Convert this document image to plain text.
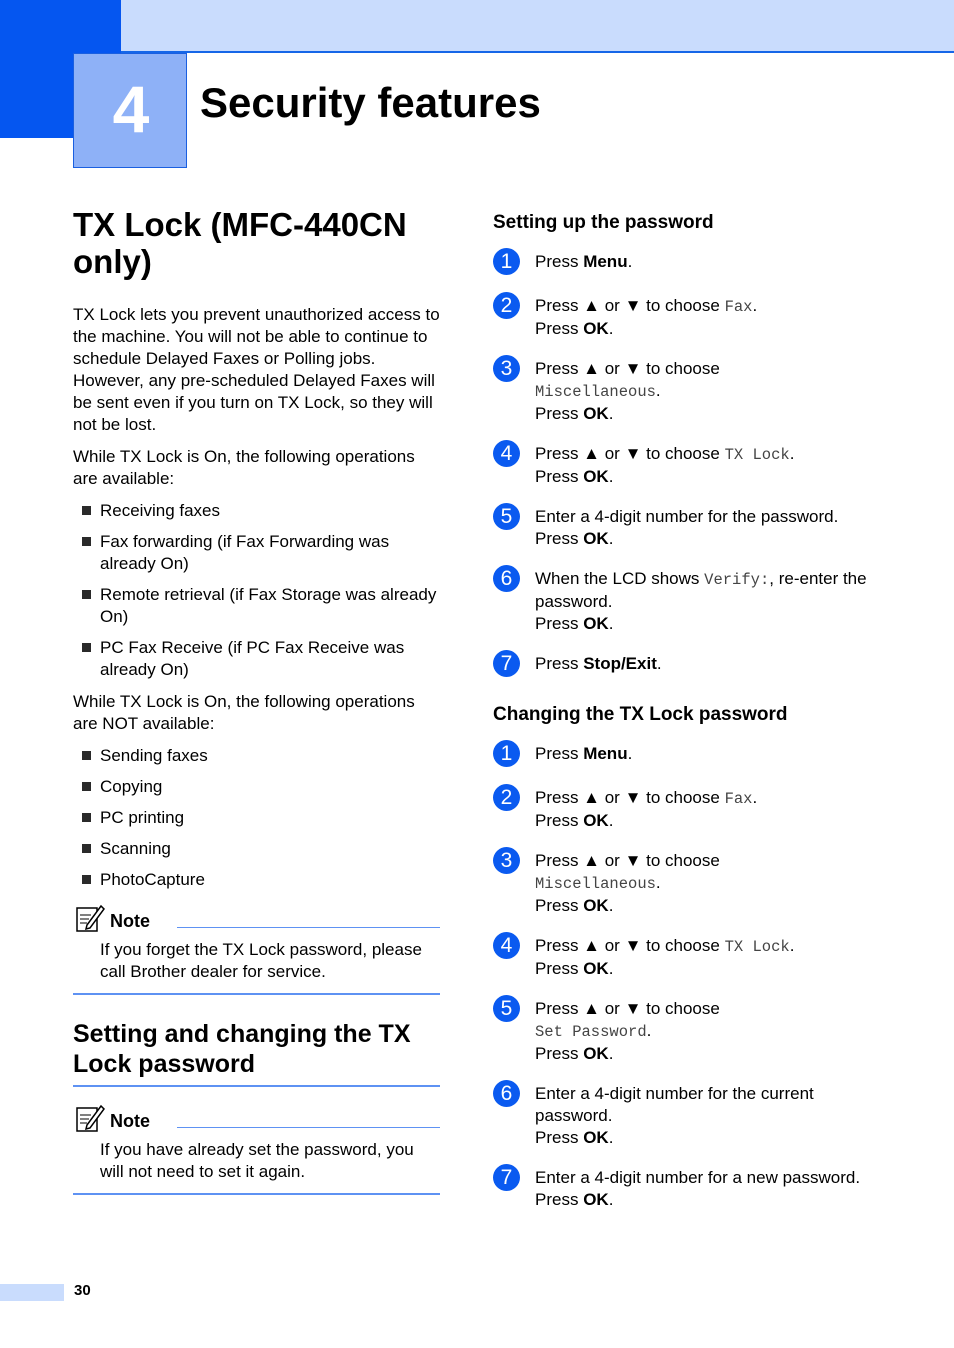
4	Security features
TX Lock (MFC-440CN only)

TX Lock lets you prevent unauthorized access to the machine. You will not be able to continue to schedule Delayed Faxes or Polling jobs. However, any pre-scheduled Delayed Faxes will be sent even if you turn on TX Lock, so they will not be lost.

While TX Lock is On, the following operations are available:

Receiving faxes
Fax forwarding (if Fax Forwarding was already On)
Remote retrieval (if Fax Storage was already On)
PC Fax Receive (if PC Fax Receive was already On)

While TX Lock is On, the following operations are NOT available:

Sending faxes
Copying
PC printing
Scanning
PhotoCapture
Note
If you forget the TX Lock password, please call Brother dealer for service.
Setting and changing the TX Lock password
Note
If you have already set the password, you will not need to set it again.
Setting up the password
1	Press Menu.
2	Press ▲ or ▼ to choose Fax.
Press OK.
3	Press ▲ or ▼ to choose
Miscellaneous.
Press OK.
4	Press ▲ or ▼ to choose TX Lock.
Press OK.
5	Enter a 4-digit number for the password.
Press OK.
6	When the LCD shows Verify:, re-enter the password.
Press OK.
7	Press Stop/Exit.
Changing the TX Lock password
1	Press Menu.
2	Press ▲ or ▼ to choose Fax.
Press OK.
3	Press ▲ or ▼ to choose
Miscellaneous.
Press OK.
4	Press ▲ or ▼ to choose TX Lock.
Press OK.
5	Press ▲ or ▼ to choose
Set Password.
Press OK.
6	Enter a 4-digit number for the current password.
Press OK.
7	Enter a 4-digit number for a new password.
Press OK.
30
